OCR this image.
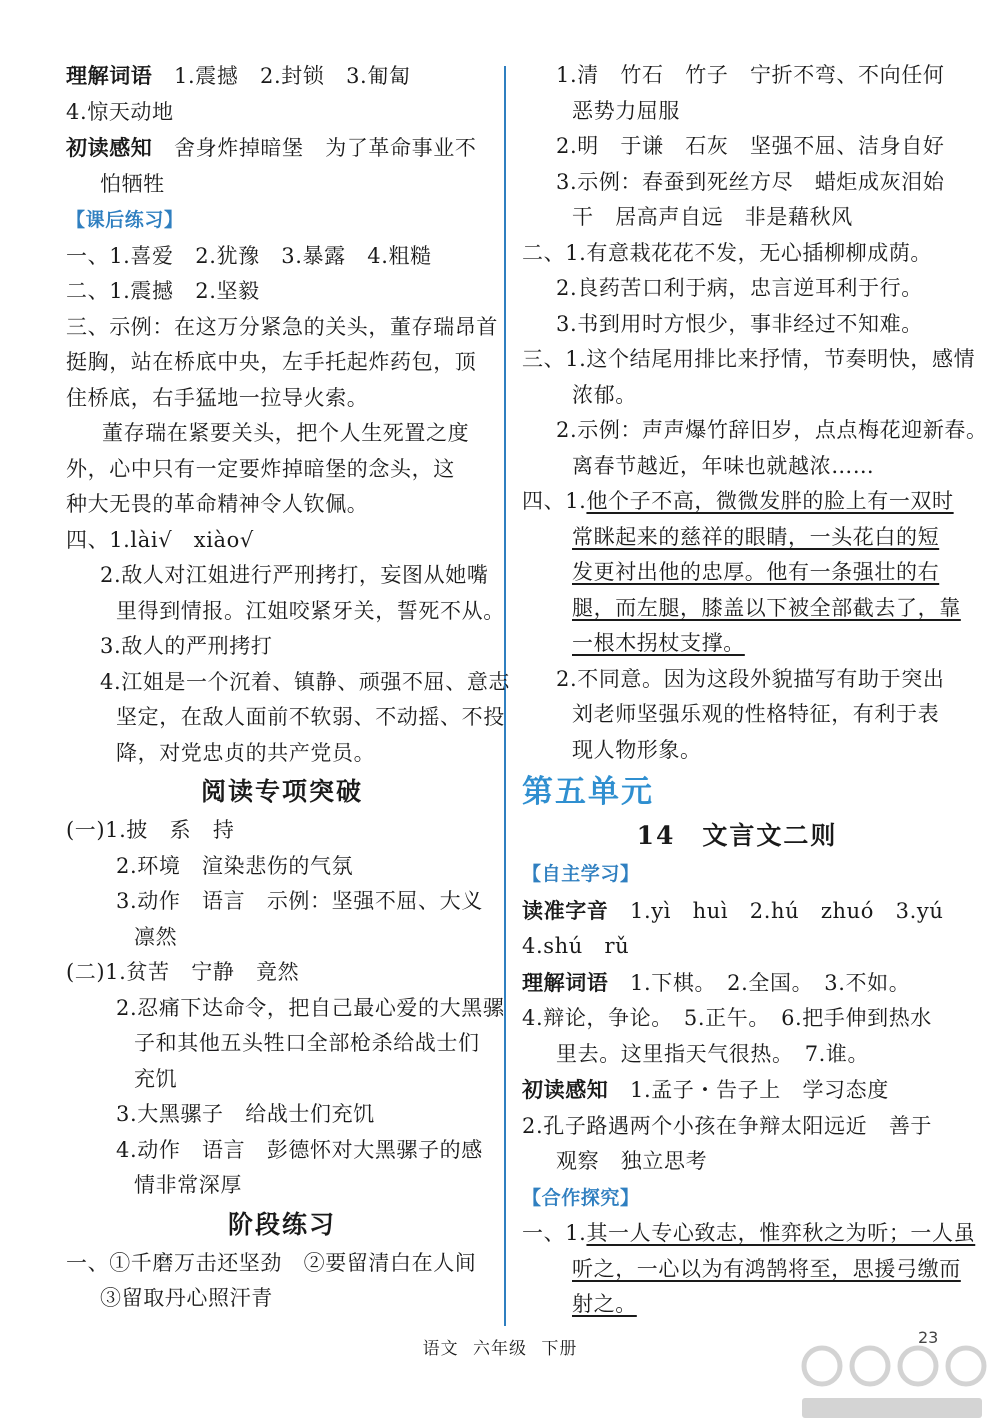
理解词语　 1.震撼　2.封锁　3.匍匐
4.惊天动地
初读感知　 舍身炸掉暗堡　为了革命事业不
怕牺牲
【课后练习】
一、1.喜爱　2.犹豫　3.暴露　4.粗糙
二、1.震撼　2.坚毅
三、示例：在这万分紧急的关头，董存瑞昂首
挺胸，站在桥底中央，左手托起炸药包，顶
住桥底，右手猛地一拉导火索。
董存瑞在紧要关头，把个人生死置之度
外，心中只有一定要炸掉暗堡的念头，这
种大无畏的革命精神令人钦佩。
四、1.lài√　xiào√
2.敌人对江姐进行严刑拷打，妄图从她嘴
里得到情报。江姐咬紧牙关，誓死不从。
3.敌人的严刑拷打
4.江姐是一个沉着、镇静、顽强不屈、意志
坚定，在敌人面前不软弱、不动摇、不投
降，对党忠贞的共产党员。
阅读专项突破
(一)1.披　系　持
2.环境　渲染悲伤的气氛
3.动作　语言　示例：坚强不屈、大义
凛然
(二)1.贫苦　宁静　竟然
2.忍痛下达命令，把自己最心爱的大黑骡
子和其他五头牲口全部枪杀给战士们
充饥
3.大黑骡子　给战士们充饥
4.动作　语言　彭德怀对大黑骡子的感
情非常深厚
阶段练习
一、①千磨万击还坚劲　②要留清白在人间
③留取丹心照汗青
1.清　竹石　竹子　宁折不弯、不向任何
恶势力屈服
2.明　于谦　石灰　坚强不屈、洁身自好
3.示例：春蚕到死丝方尽　蜡炬成灰泪始
干　居高声自远　非是藉秋风
二、1.有意栽花花不发，无心插柳柳成荫。
2.良药苦口利于病，忠言逆耳利于行。
3.书到用时方恨少，事非经过不知难。
三、1.这个结尾用排比来抒情，节奏明快，感情
浓郁。
2.示例：声声爆竹辞旧岁，点点梅花迎新春。
离春节越近，年味也就越浓……
四、1.他个子不高，微微发胖的脸上有一双时
常眯起来的慈祥的眼睛，一头花白的短
发更衬出他的忠厚。他有一条强壮的右
腿，而左腿，膝盖以下被全部截去了，靠
一根木拐杖支撑。
2.不同意。因为这段外貌描写有助于突出
刘老师坚强乐观的性格特征，有利于表
现人物形象。
第五单元
14　文言文二则
【自主学习】
读准字音　 1.yì　huì　2.hú　zhuó　3.yú
4.shú　rǔ
理解词语　 1.下棋。　2.全国。　3.不如。
4.辩论，争论。　5.正午。　6.把手伸到热水
里去。这里指天气很热。　7.谁。
初读感知　 1.孟子・告子上　学习态度
2.孔子路遇两个小孩在争辩太阳远近　善于
观察　独立思考
【合作探究】
一、1.其一人专心致志，惟弈秋之为听；一人虽
听之，一心以为有鸿鹄将至，思援弓缴而
射之。
语文 六年级 下册
23
